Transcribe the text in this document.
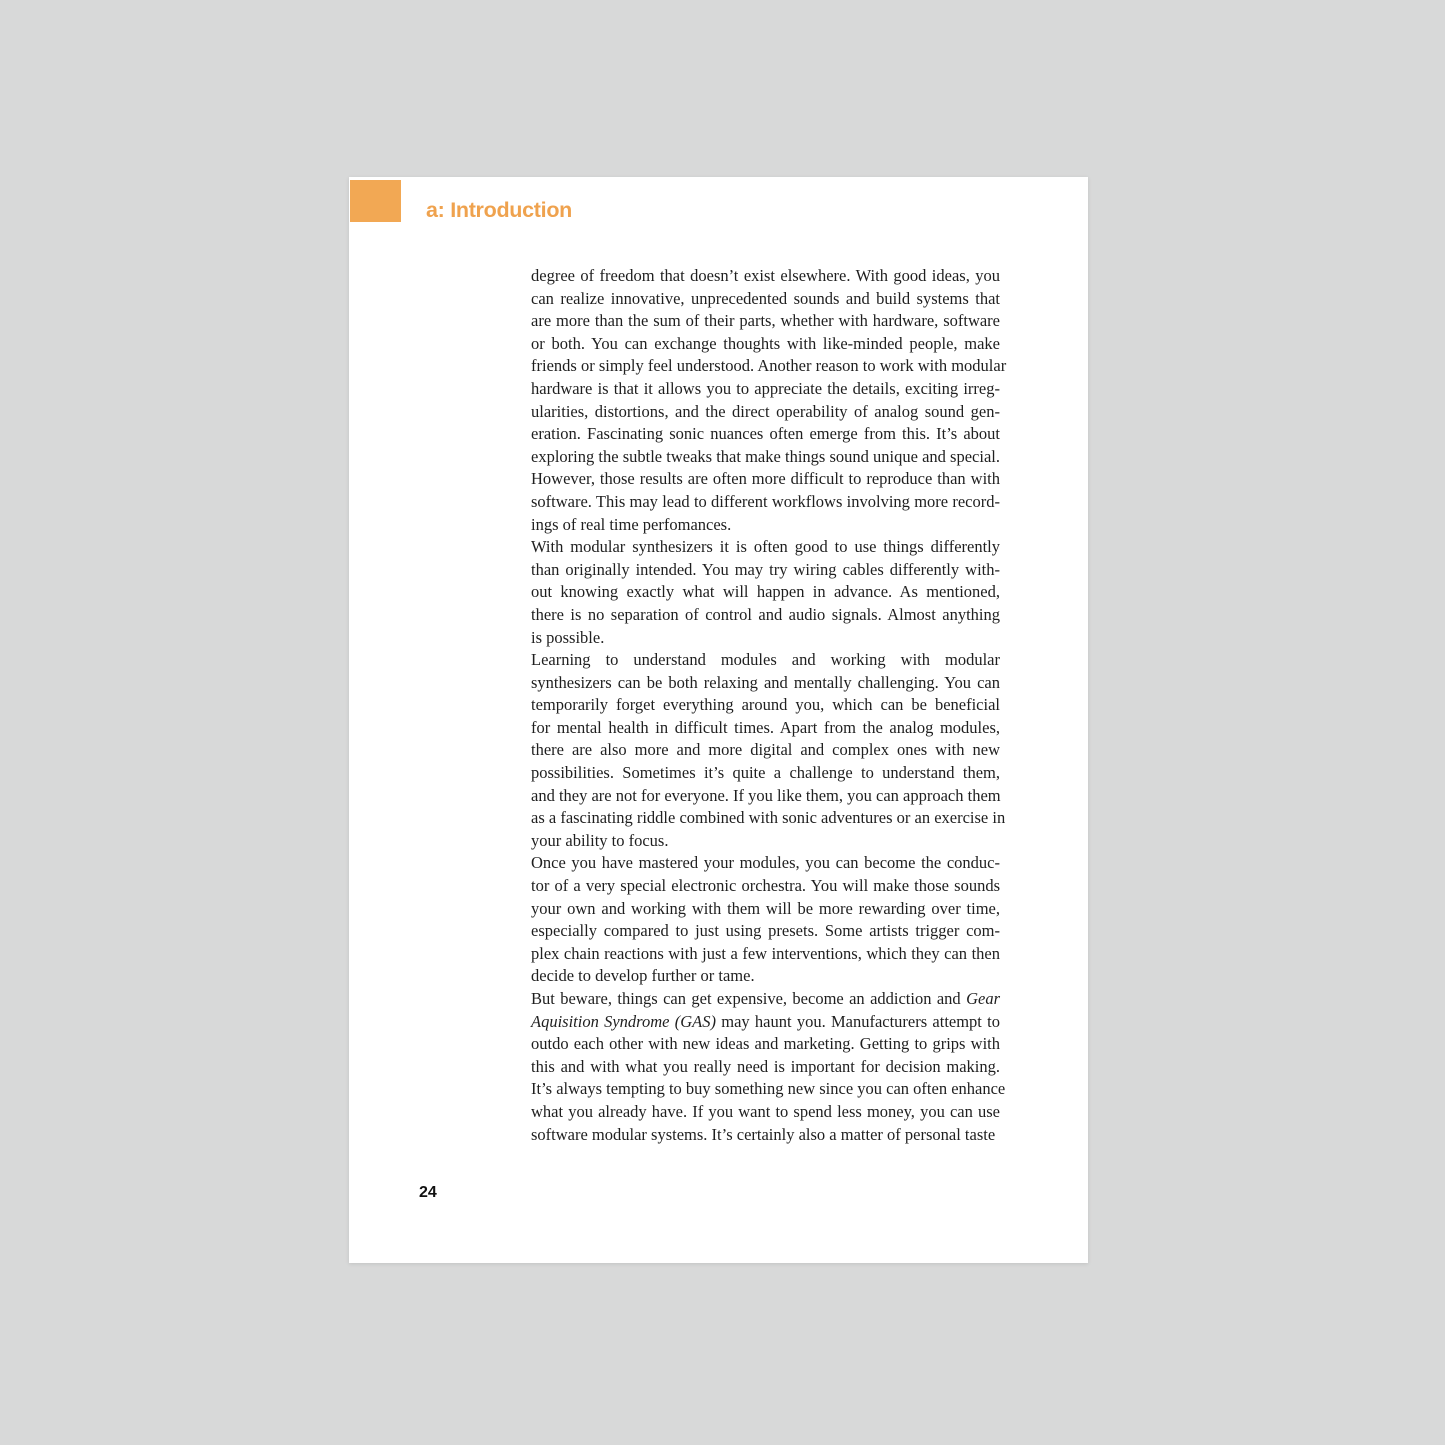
a: Introduction
degree of freedom that doesn’t exist elsewhere. With good ideas, you
can realize innovative, unprecedented sounds and build systems that
are more than the sum of their parts, whether with hardware, software
or both. You can exchange thoughts with like-minded people, make
friends or simply feel understood. Another reason to work with modular
hardware is that it allows you to appreciate the details, exciting irreg-
ularities, distortions, and the direct operability of analog sound gen-
eration. Fascinating sonic nuances often emerge from this. It’s about
exploring the subtle tweaks that make things sound unique and special.
However, those results are often more difficult to reproduce than with
software. This may lead to different workflows involving more record-
ings of real time perfomances.
With modular synthesizers it is often good to use things differently
than originally intended. You may try wiring cables differently with-
out knowing exactly what will happen in advance. As mentioned,
there is no separation of control and audio signals. Almost anything
is possible.
Learning to understand modules and working with modular
synthesizers can be both relaxing and mentally challenging. You can
temporarily forget everything around you, which can be beneficial
for mental health in difficult times. Apart from the analog modules,
there are also more and more digital and complex ones with new
possibilities. Sometimes it’s quite a challenge to understand them,
and they are not for everyone. If you like them, you can approach them
as a fascinating riddle combined with sonic adventures or an exercise in
your ability to focus.
Once you have mastered your modules, you can become the conduc-
tor of a very special electronic orchestra. You will make those sounds
your own and working with them will be more rewarding over time,
especially compared to just using presets. Some artists trigger com-
plex chain reactions with just a few interventions, which they can then
decide to develop further or tame.
But beware, things can get expensive, become an addiction and Gear
Aquisition Syndrome (GAS) may haunt you. Manufacturers attempt to
outdo each other with new ideas and marketing. Getting to grips with
this and with what you really need is important for decision making.
It’s always tempting to buy something new since you can often enhance
what you already have. If you want to spend less money, you can use
software modular systems. It’s certainly also a matter of personal taste
24
